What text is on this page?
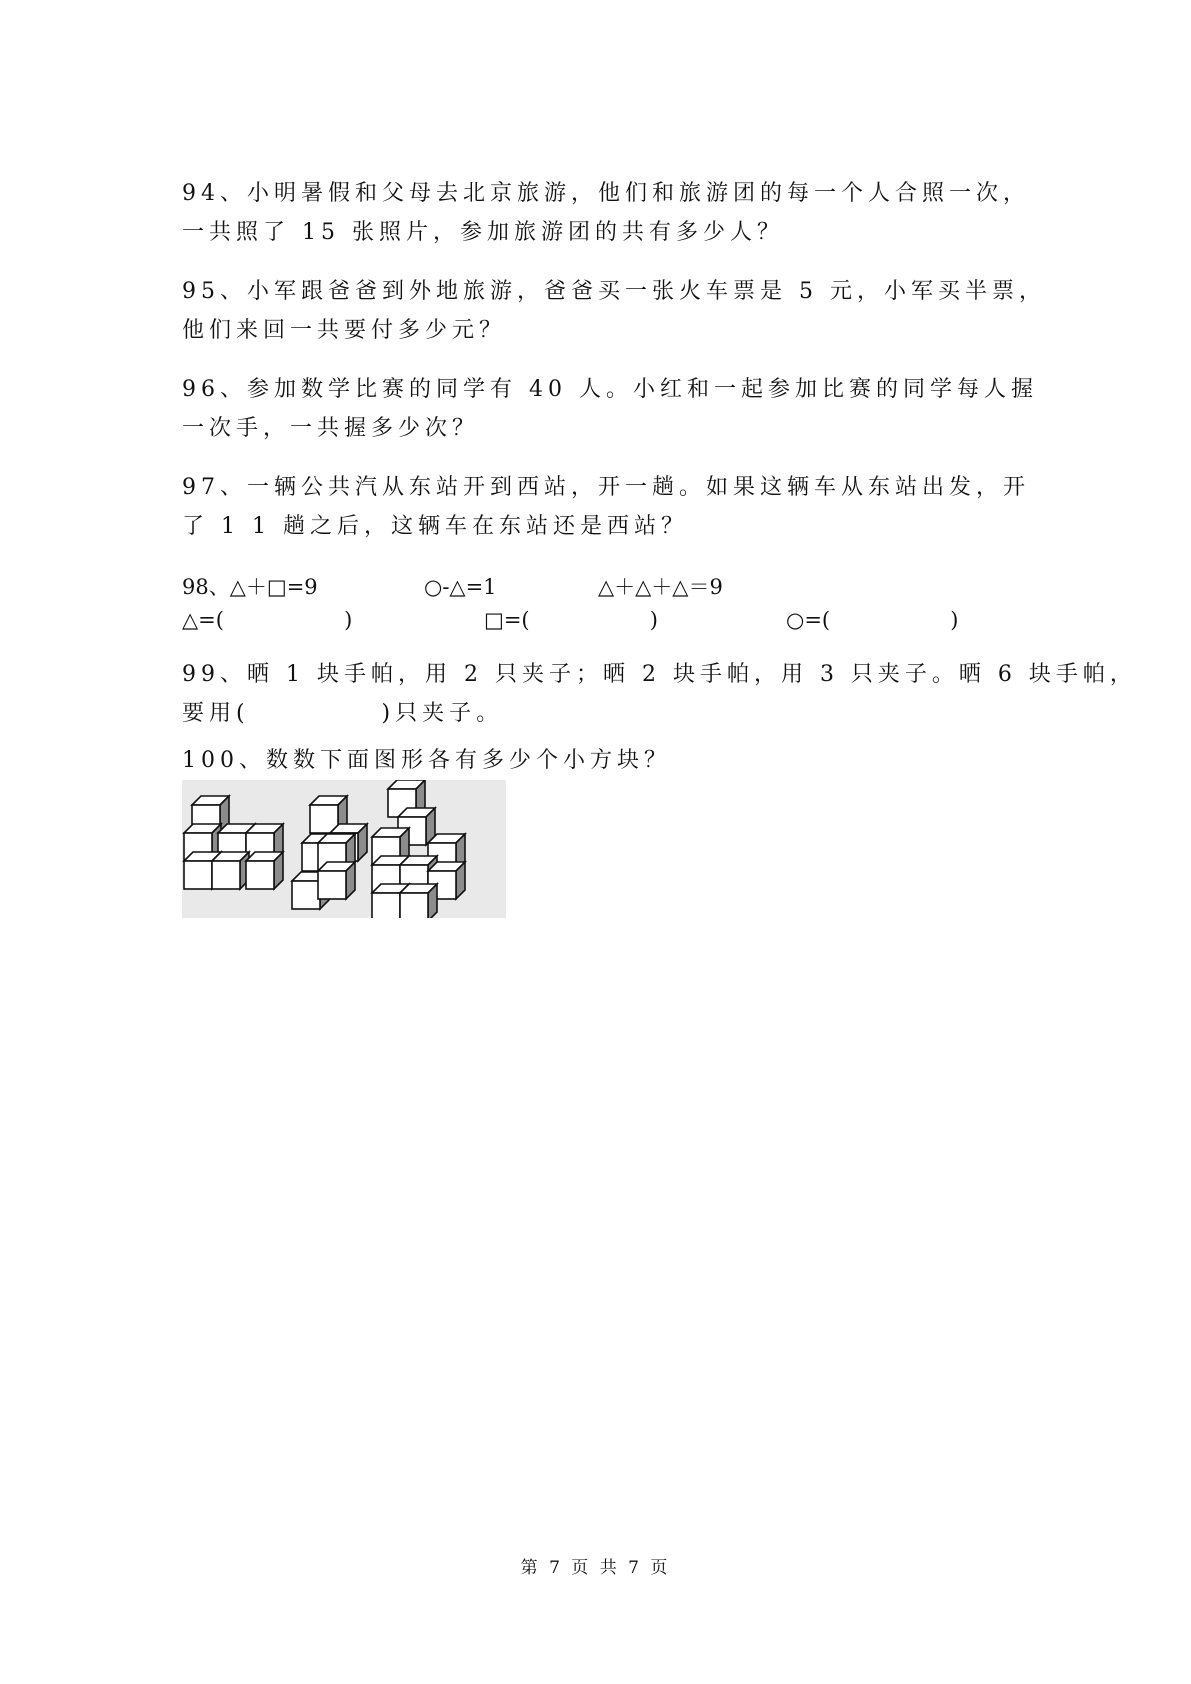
94、小明暑假和父母去北京旅游，他们和旅游团的每一个人合照一次，
一共照了 15 张照片，参加旅游团的共有多少人？
95、小军跟爸爸到外地旅游，爸爸买一张火车票是 5 元，小军买半票，
他们来回一共要付多少元？
96、参加数学比赛的同学有 40 人。小红和一起参加比赛的同学每人握
一次手，一共握多少次？
97、一辆公共汽从东站开到西站，开一趟。如果这辆车从东站出发，开
了 1 1 趟之后，这辆车在东站还是西站？
98、△＋□=9	○-△=1	△＋△＋△＝9
△=(                  )	□=(                  )	○=(                  )
99、晒 1 块手帕，用 2 只夹子；晒 2 块手帕，用 3 只夹子。晒 6 块手帕，
要用(           )只夹子。
100、数数下面图形各有多少个小方块？
第 7 页 共 7 页
